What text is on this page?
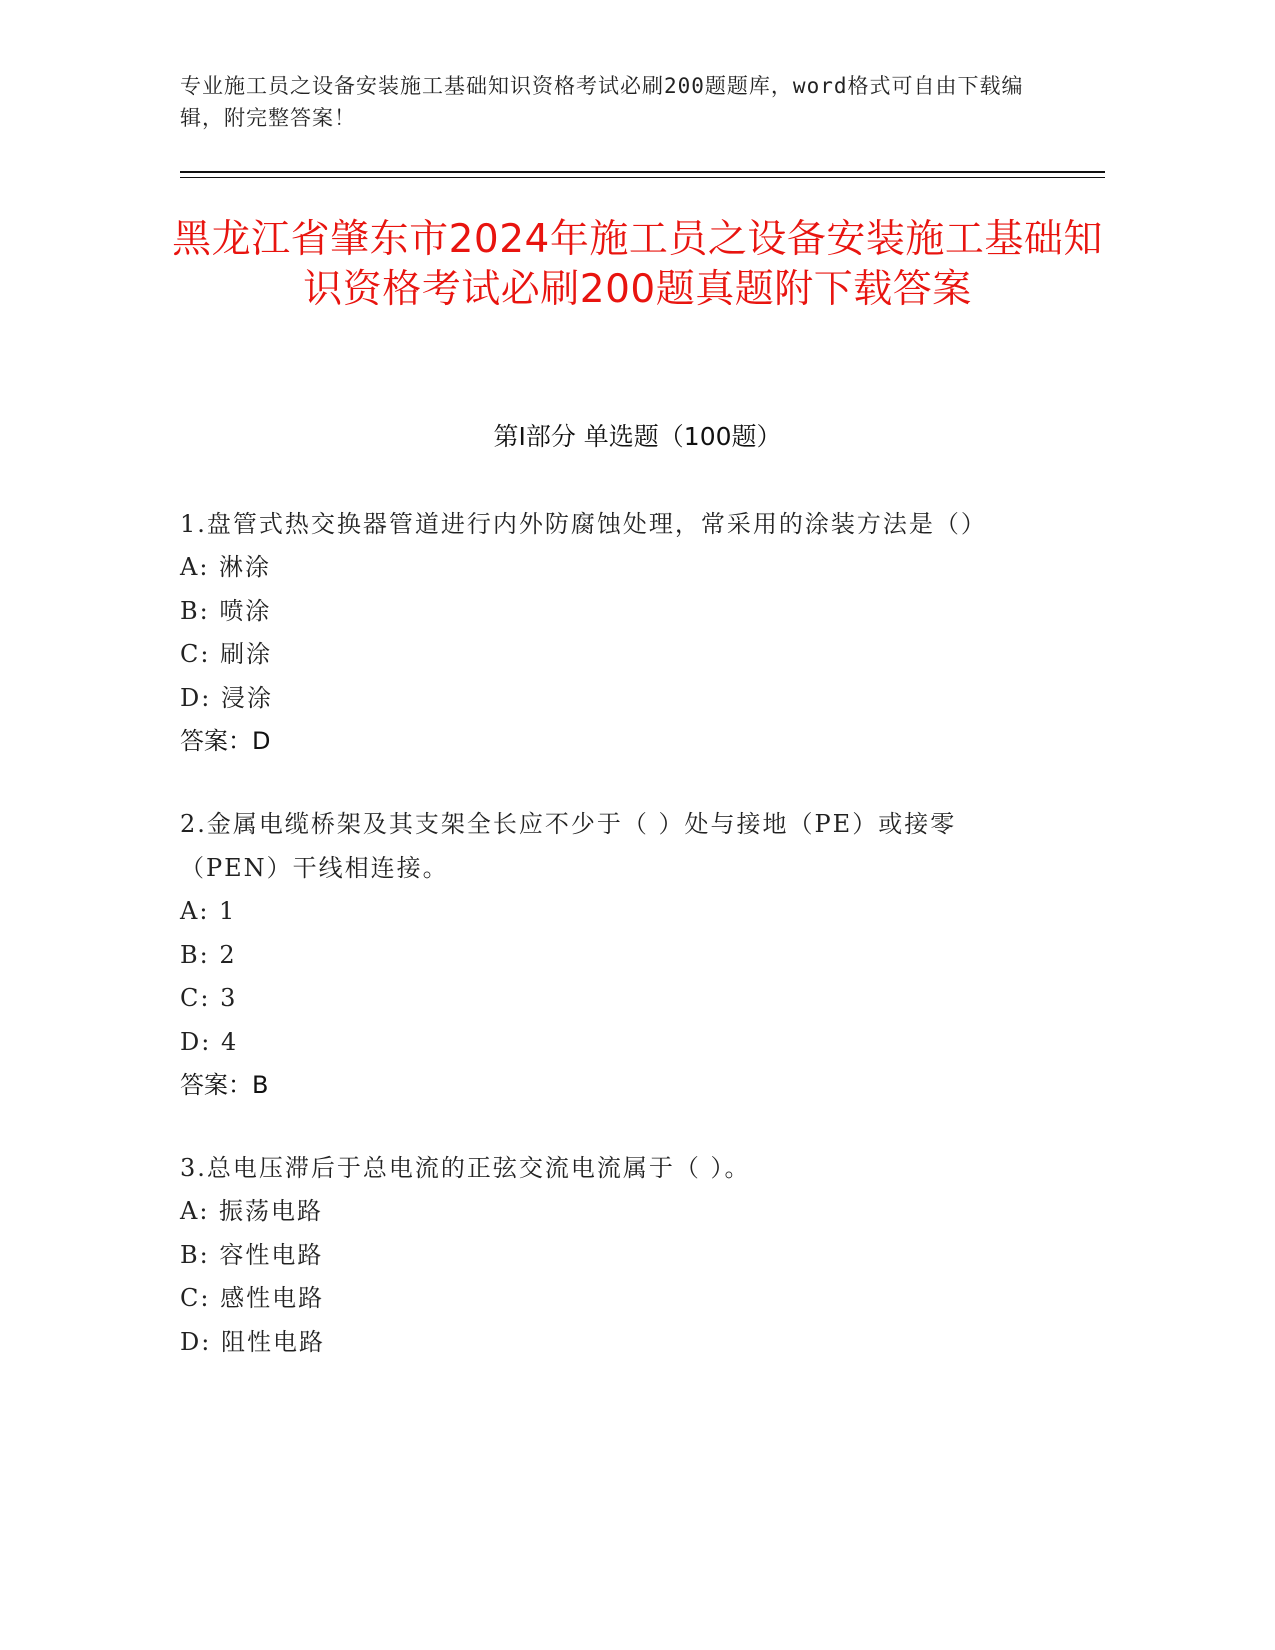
专业施工员之设备安装施工基础知识资格考试必刷200题题库，word格式可自由下载编辑，附完整答案！
黑龙江省肇东市2024年施工员之设备安装施工基础知识资格考试必刷200题真题附下载答案
第Ⅰ部分 单选题（100题）
1.盘管式热交换器管道进行内外防腐蚀处理，常采用的涂装方法是（）
A: 淋涂
B: 喷涂
C: 刷涂
D: 浸涂
答案：D
2.金属电缆桥架及其支架全长应不少于（ ）处与接地（PE）或接零（PEN）干线相连接。
A: 1
B: 2
C: 3
D: 4
答案：B
3.总电压滞后于总电流的正弦交流电流属于（ ）。
A: 振荡电路
B: 容性电路
C: 感性电路
D: 阻性电路
